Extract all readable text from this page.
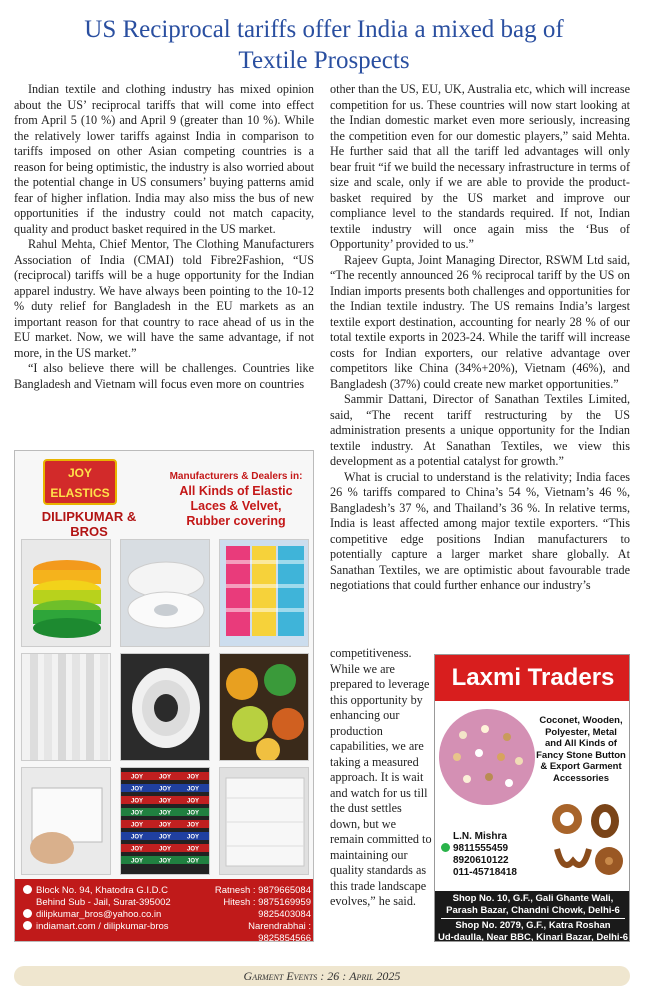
US Reciprocal tariffs offer India a mixed bag of
Textile Prospects

Indian textile and clothing industry has mixed opinion about the US’ reciprocal tariffs that will come into effect from April 5 (10 %) and April 9 (greater than 10 %). While the relatively lower tariffs against India in comparison to tariffs imposed on other Asian competing countries is a reason for being optimistic, the industry is also worried about the potential change in US consumers’ buying patterns amid fear of higher inflation. India may also miss the bus of new opportunities if the industry could not match capacity, quality and product basket required in the US market.

Rahul Mehta, Chief Mentor, The Clothing Manufacturers Association of India (CMAI) told Fibre2Fashion, “US (reciprocal) tariffs will be a huge opportunity for the Indian apparel industry. We have always been pointing to the 10-12 % duty relief for Bangladesh in the EU markets as an important reason for that country to race ahead of us in the EU market. Now, we will have the same advantage, if not more, in the US market.”

“I also believe there will be challenges. Countries like Bangladesh and Vietnam will focus even more on countries

other than the US, EU, UK, Australia etc, which will increase competition for us. These countries will now start looking at the Indian domestic market even more seriously, increasing the competition even for our domestic players,” said Mehta. He further said that all the tariff led advantages will only bear fruit “if we build the necessary infrastructure in terms of size and scale, only if we are able to provide the product-basket required by the US market and improve our compliance level to the standards required. If not, Indian textile industry will once again miss the ‘Bus of Opportunity’ provided to us.”

Rajeev Gupta, Joint Managing Director, RSWM Ltd said, “The recently announced 26 % reciprocal tariff by the US on Indian imports presents both challenges and opportunities for the Indian textile industry. The US remains India’s largest textile export destination, accounting for nearly 28 % of our total textile exports in 2023-24. While the tariff will increase costs for Indian exporters, our relative advantage over competitors like China (34%+20%), Vietnam (46%), and Bangladesh (37%) could create new market opportunities.”

Sammir Dattani, Director of Sanathan Textiles Limited, said, “The recent tariff restructuring by the US administration presents a unique opportunity for the Indian textile industry. At Sanathan Textiles, we view this development as a potential catalyst for growth.”

What is crucial to understand is the relativity; India faces 26 % tariffs compared to China’s 54 %, Vietnam’s 46 %, Bangladesh’s 37 %, and Thailand’s 36 %. In relative terms, India is least affected among major textile exporters. “This competitive edge positions Indian manufacturers to potentially capture a larger market share globally. At Sanathan Textiles, we are optimistic about favourable trade negotiations that could further enhance our industry’s

competitiveness. While we are prepared to leverage this opportunity by enhancing our production capabilities, we are taking a measured approach. It is wait and watch for us till the dust settles down, but we remain committed to maintaining our quality standards as this trade landscape evolves,” he said.

JOY
ELASTICS
DILIPKUMAR & BROS
Manufacturers & Dealers in:
All Kinds of Elastic
Laces & Velvet,
Rubber covering
JOY	JOY	JOY
JOY	JOY	JOY
JOY	JOY	JOY
JOY	JOY	JOY
JOY	JOY	JOY
JOY	JOY	JOY
JOY	JOY	JOY
JOY	JOY	JOY
Block No. 94, Khatodra G.I.D.C
Behind Sub - Jail, Surat-395002
dilipkumar_bros@yahoo.co.in
indiamart.com / dilipkumar-bros
Ratnesh : 9879665084
Hitesh : 9875169959
9825403084
Narendrabhai : 9825854566
Laxmi Traders
Coconet, Wooden,
Polyester, Metal
and All Kinds of
Fancy Stone Button
& Export Garment
Accessories
L.N. Mishra
9811555459
8920610122
011-45718418
Shop No. 10, G.F., Gali Ghante Wali,
Parash Bazar, Chandni Chowk, Delhi-6
Shop No. 2079, G.F., Katra Roshan
Ud-daulla, Near BBC, Kinari Bazar, Delhi-6
Garment Events : 26 : April 2025
